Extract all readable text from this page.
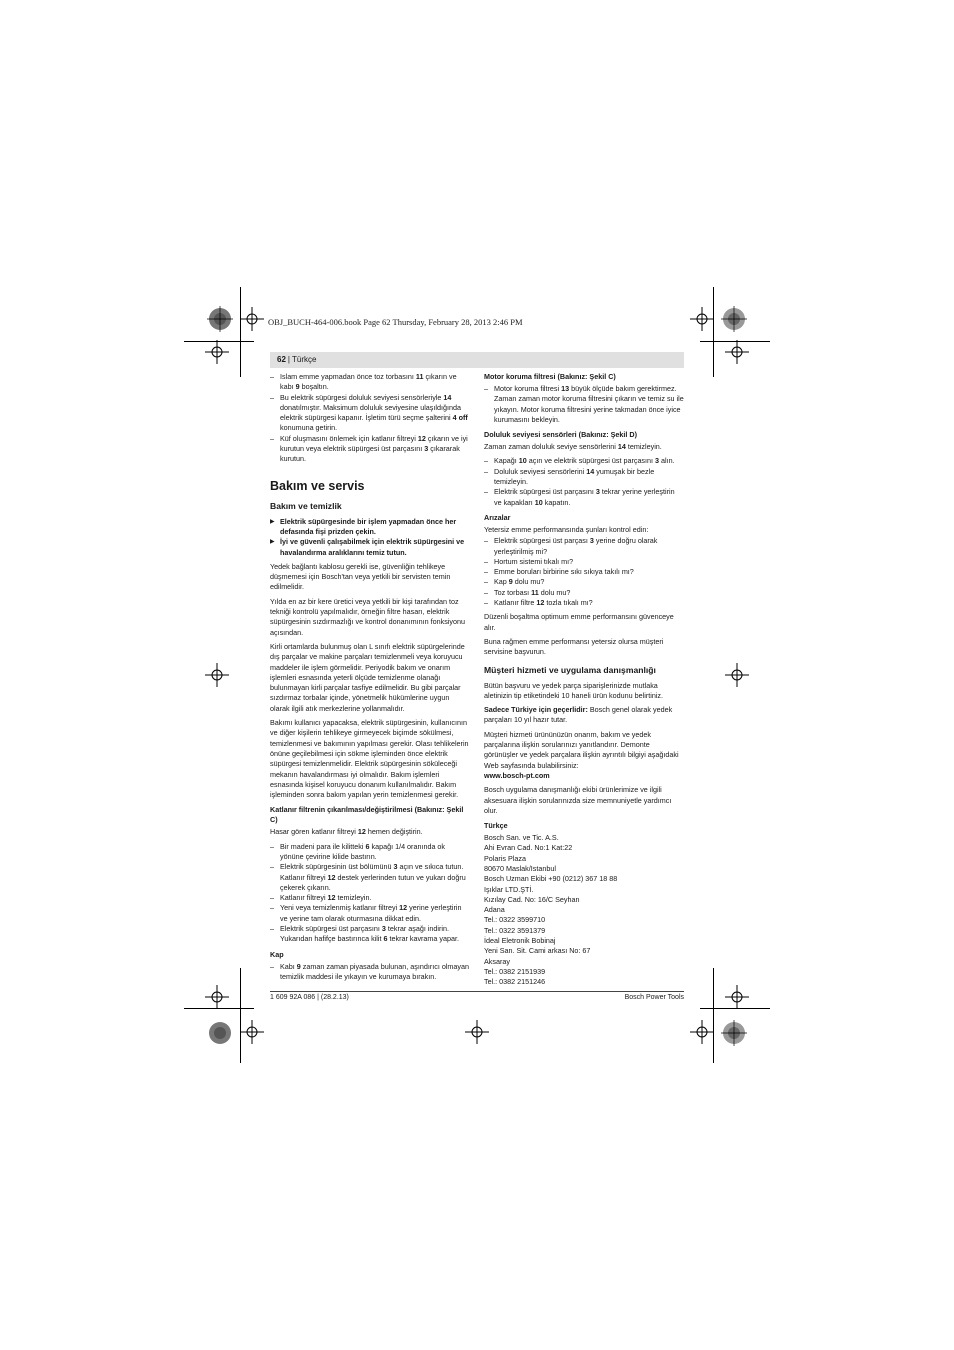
OBJ_BUCH-464-006.book Page 62 Thursday, February 28, 2013 2:46 PM
62 | Türkçe
– Islam emme yapmadan önce toz torbasını 11 çıkarın ve kabı 9 boşaltın.
– Bu elektrik süpürgesi doluluk seviyesi sensörleriyle 14 donatılmıştır. Maksimum doluluk seviyesine ulaşıldığında elektrik süpürgesi kapanır. İşletim türü seçme şalterini 4 off konumuna getirin.
– Küf oluşmasını önlemek için katlanır filtreyi 12 çıkarın ve iyi kurutun veya elektrik süpürgesi üst parçasını 3 çıkararak kurutun.
Bakım ve servis
Bakım ve temizlik
▶ Elektrik süpürgesinde bir işlem yapmadan önce her defasında fişi prizden çekin.
▶ İyi ve güvenli çalışabilmek için elektrik süpürgesini ve havalandırma aralıklarını temiz tutun.

Yedek bağlantı kablosu gerekli ise, güvenliğin tehlikeye düşmemesi için Bosch'tan veya yetkili bir servisten temin edilmelidir.

Yılda en az bir kere üretici veya yetkili bir kişi tarafından toz tekniği kontrolü yapılmalıdır, örneğin filtre hasarı, elektrik süpürgesinin sızdırmazlığı ve kontrol donanımının fonksiyonu açısından.

Kirli ortamlarda bulunmuş olan L sınıfı elektrik süpürgelerinde dış parçalar ve makine parçaları temizlenmeli veya koruyucu maddeler ile işlem görmelidir. Periyodik bakım ve onarım işlemleri esnasında yeterli ölçüde temizlenme olanağı bulunmayan kirli parçalar tasfiye edilmelidir. Bu gibi parçalar sızdırmaz torbalar içinde, yönetmelik hükümlerine uygun olarak ilgili atık merkezlerine yollanmalıdır.

Bakımı kullanıcı yapacaksa, elektrik süpürgesinin, kullanıcının ve diğer kişilerin tehlikeye girmeyecek biçimde sökülmesi, temizlenmesi ve bakımının yapılması gerekir. Olası tehlikelerin önüne geçilebilmesi için sökme işleminden önce elektrik süpürgesi temizlenmelidir. Elektrik süpürgesinin söküleceği mekanın havalandırması iyi olmalıdır. Bakım işlemleri esnasında kişisel koruyucu donanım kullanılmalıdır. Bakım işleminden sonra bakım yapılan yerin temizlenmesi gerekir.

Katlanır filtrenin çıkarılması/değiştirilmesi (Bakınız: Şekil C)

Hasar gören katlanır filtreyi 12 hemen değiştirin.

– Bir madeni para ile kilitteki 6 kapağı 1/4 oranında ok yönüne çevirine kilide bastırın.
– Elektrik süpürgesinin üst bölümünü 3 açın ve sıkıca tutun. Katlanır filtreyi 12 destek yerlerinden tutun ve yukarı doğru çekerek çıkarın.
– Katlanır filtreyi 12 temizleyin.
– Yeni veya temizlenmiş katlanır filtreyi 12 yerine yerleştirin ve yerine tam olarak oturmasına dikkat edin.
– Elektrik süpürgesi üst parçasını 3 tekrar aşağı indirin. Yukarıdan hafifçe bastırınca kilit 6 tekrar kavrama yapar.
Kap
– Kabı 9 zaman zaman piyasada bulunan, aşındırıcı olmayan temizlik maddesi ile yıkayın ve kurumaya bırakın.
Motor koruma filtresi (Bakınız: Şekil C)
– Motor koruma filtresi 13 büyük ölçüde bakım gerektirmez. Zaman zaman motor koruma filtresini çıkarın ve temiz su ile yıkayın. Motor koruma filtresini yerine takmadan önce iyice kurumasını bekleyin.
Doluluk seviyesi sensörleri (Bakınız: Şekil D)

Zaman zaman doluluk seviye sensörlerini 14 temizleyin.

– Kapağı 10 açın ve elektrik süpürgesi üst parçasını 3 alın.
– Doluluk seviyesi sensörlerini 14 yumuşak bir bezle temizleyin.
– Elektrik süpürgesi üst parçasını 3 tekrar yerine yerleştirin ve kapakları 10 kapatın.
Arızalar

Yetersiz emme performansında şunları kontrol edin:

– Elektrik süpürgesi üst parçası 3 yerine doğru olarak yerleştirilmiş mi?
– Hortum sistemi tıkalı mı?
– Emme boruları birbirine sıkı sıkıya takılı mı?
– Kap 9 dolu mu?
– Toz torbası 11 dolu mu?
– Katlanır filtre 12 tozla tıkalı mı?

Düzenli boşaltma optimum emme performansını güvenceye alır.

Buna rağmen emme performansı yetersiz olursa müşteri servisine başvurun.

Müşteri hizmeti ve uygulama danışmanlığı

Bütün başvuru ve yedek parça siparişlerinizde mutlaka aletinizin tip etiketindeki 10 haneli ürün kodunu belirtiniz.

Sadece Türkiye için geçerlidir: Bosch genel olarak yedek parçaları 10 yıl hazır tutar.

Müşteri hizmeti ürününüzün onarım, bakım ve yedek parçalarına ilişkin sorularınızı yanıtlandırır. Demonte görünüşler ve yedek parçalara ilişkin ayrıntılı bilgiyi aşağıdaki Web sayfasında bulabilirsiniz:

www.bosch-pt.com

Bosch uygulama danışmanlığı ekibi ürünlerimize ve ilgili aksesuara ilişkin sorularınızda size memnuniyetle yardımcı olur.

Türkçe
Bosch San. ve Tic. A.S.
Ahi Evran Cad. No:1 Kat:22
Polaris Plaza
80670 Maslak/Istanbul
Bosch Uzman Ekibi +90 (0212) 367 18 88
Işıklar LTD.ŞTİ.
Kızılay Cad. No: 16/C Seyhan
Adana
Tel.: 0322 3599710
Tel.: 0322 3591379
İdeal Eletronik Bobinaj
Yeni San. Sit. Cami arkası No: 67
Aksaray
Tel.: 0382 2151939
Tel.: 0382 2151246
1 609 92A 086 | (28.2.13)	Bosch Power Tools
